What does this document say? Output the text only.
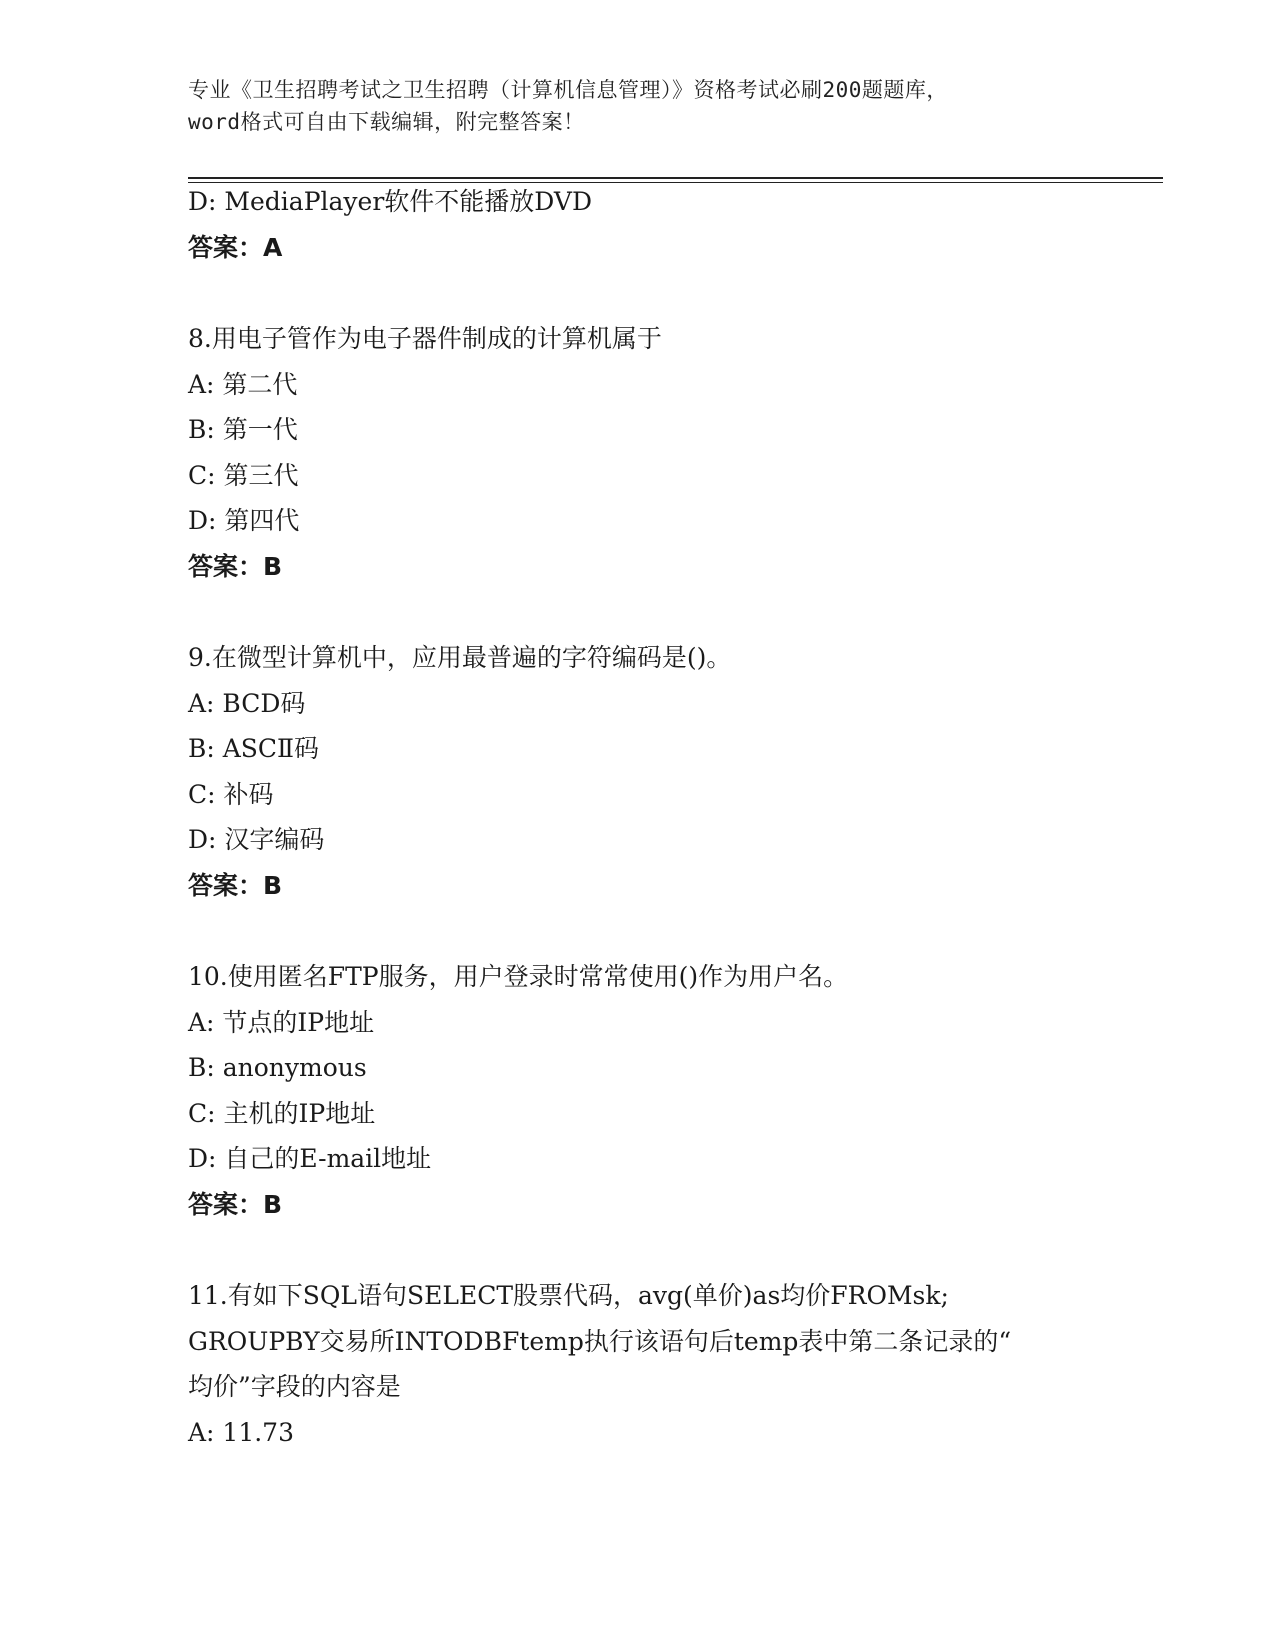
专业《卫生招聘考试之卫生招聘（计算机信息管理）》资格考试必刷200题题库，
word格式可自由下载编辑，附完整答案！
D: MediaPlayer软件不能播放DVD
答案：A
8.用电子管作为电子器件制成的计算机属于
A: 第二代
B: 第一代
C: 第三代
D: 第四代
答案：B
9.在微型计算机中，应用最普遍的字符编码是()。
A: BCD码
B: ASCⅡ码
C: 补码
D: 汉字编码
答案：B
10.使用匿名FTP服务，用户登录时常常使用()作为用户名。
A: 节点的IP地址
B: anonymous
C: 主机的IP地址
D: 自己的E-mail地址
答案：B
11.有如下SQL语句SELECT股票代码，avg(单价)as均价FROMsk;
GROUPBY交易所INTODBFtemp执行该语句后temp表中第二条记录的“
均价”字段的内容是
A: 11.73
